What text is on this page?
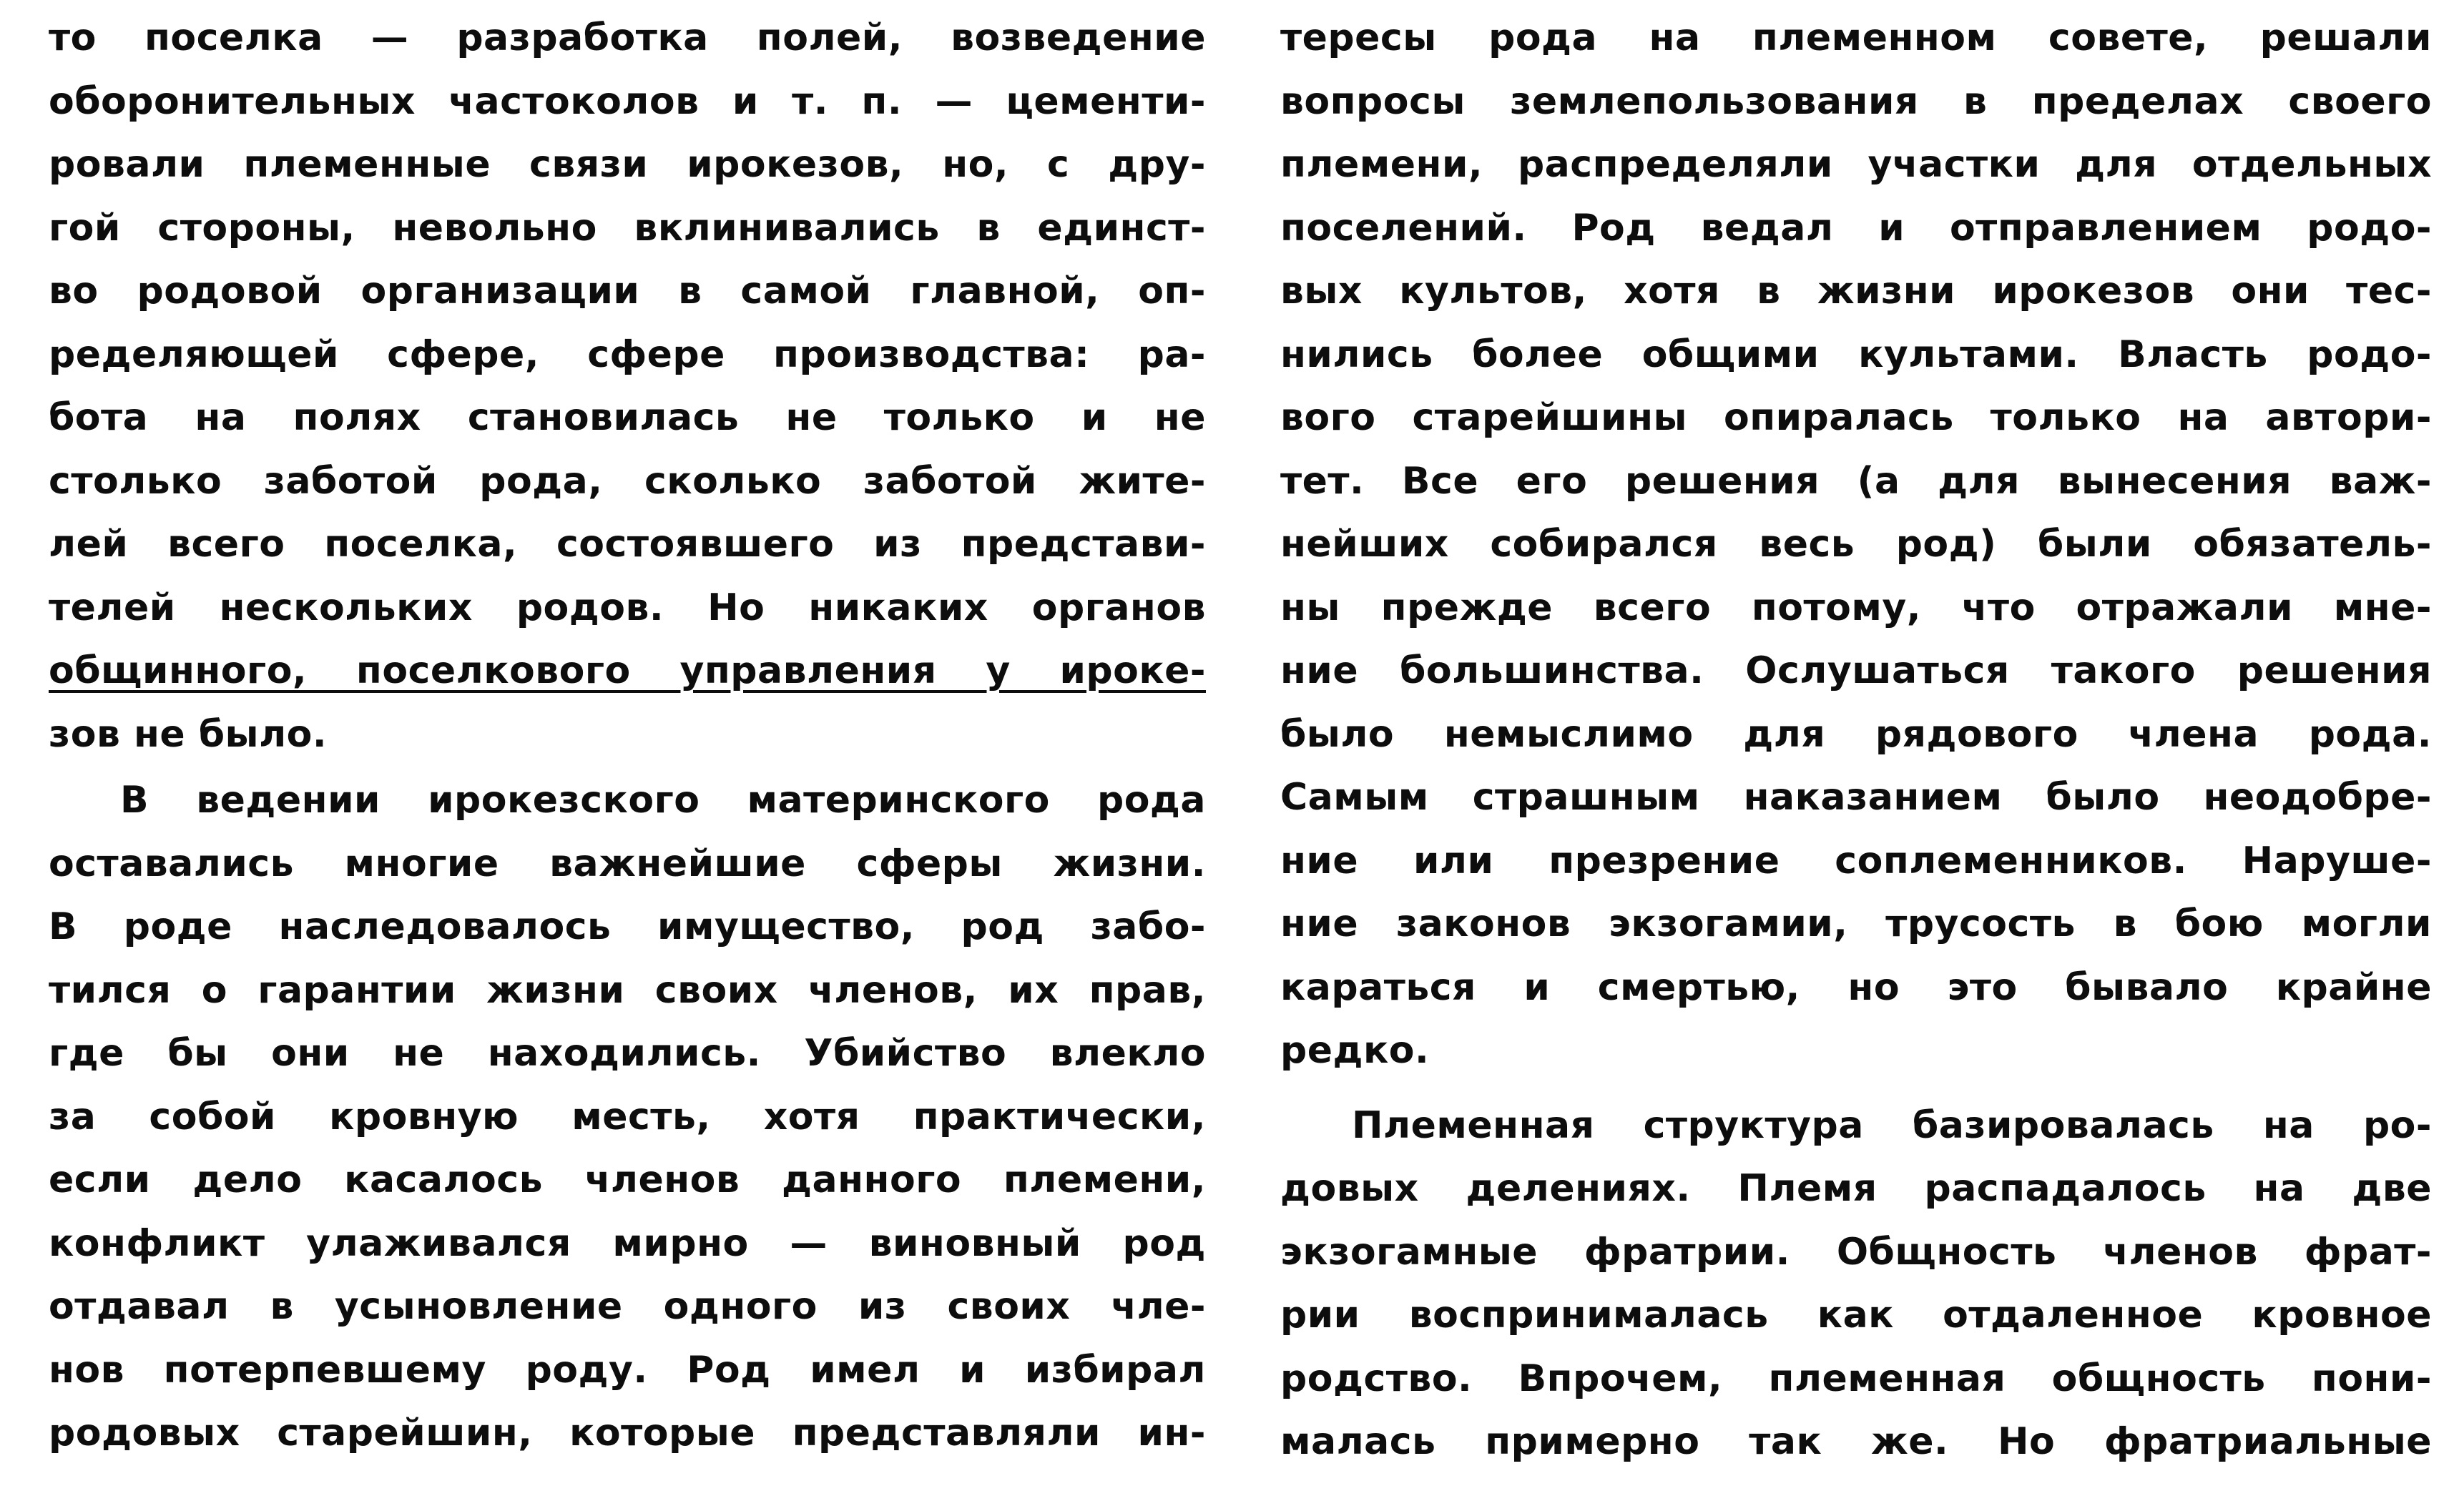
то поселка — разработка полей, возведение
оборонительных частоколов и т. п. — цементи-
ровали племенные связи ирокезов, но, с дру-
гой стороны, невольно вклинивались в единст-
во родовой организации в самой главной, оп-
ределяющей сфере, сфере производства: ра-
бота на полях становилась не только и не
столько заботой рода, сколько заботой жите-
лей всего поселка, состоявшего из представи-
телей нескольких родов. Но никаких органов
общинного, поселкового управления у ироке-
зов не было.
В ведении ирокезского материнского рода
оставались многие важнейшие сферы жизни.
В роде наследовалось имущество, род забо-
тился о гарантии жизни своих членов, их прав,
где бы они не находились. Убийство влекло
за собой кровную месть, хотя практически,
если дело касалось членов данного племени,
конфликт улаживался мирно — виновный род
отдавал в усыновление одного из своих чле-
нов потерпевшему роду. Род имел и избирал
родовых старейшин, которые представляли ин-
тересы рода на племенном совете, решали
вопросы землепользования в пределах своего
племени, распределяли участки для отдельных
поселений. Род ведал и отправлением родо-
вых культов, хотя в жизни ирокезов они тес-
нились более общими культами. Власть родо-
вого старейшины опиралась только на автори-
тет. Все его решения (а для вынесения важ-
нейших собирался весь род) были обязатель-
ны прежде всего потому, что отражали мне-
ние большинства. Ослушаться такого решения
было немыслимо для рядового члена рода.
Самым страшным наказанием было неодобре-
ние или презрение соплеменников. Наруше-
ние законов экзогамии, трусость в бою могли
караться и смертью, но это бывало крайне
редко.
Племенная структура базировалась на ро-
довых делениях. Племя распадалось на две
экзогамные фратрии. Общность членов фрат-
рии воспринималась как отдаленное кровное
родство. Впрочем, племенная общность пони-
малась примерно так же. Но фратриальные
